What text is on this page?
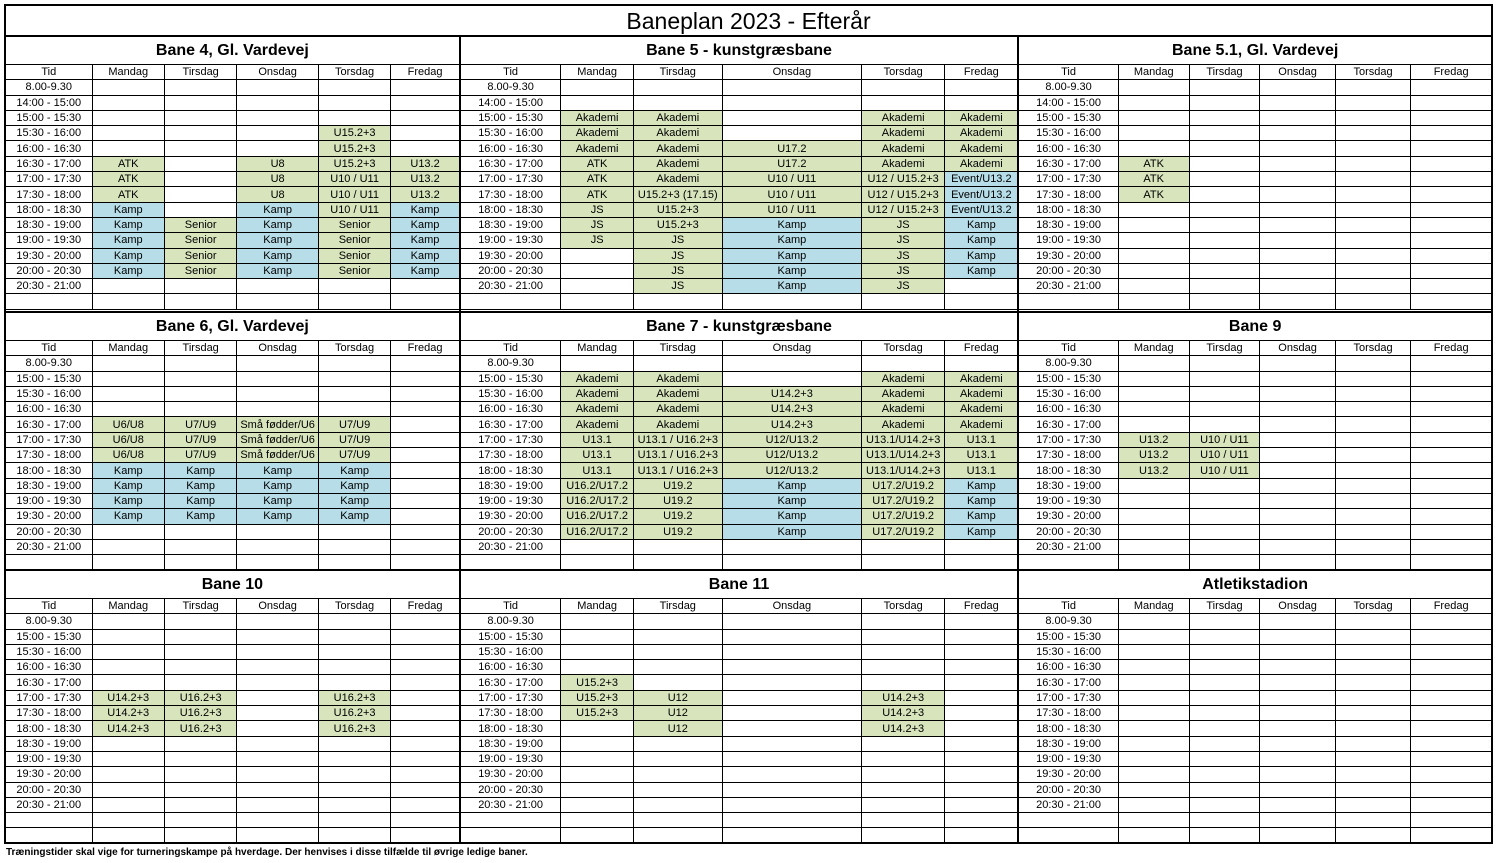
Baneplan 2023 - Efterår
Bane 4, Gl. Vardevej
Tid	Mandag	Tirsdag	Onsdag	Torsdag	Fredag
8.00-9.30					
14:00 - 15:00					
15:00 - 15:30					
15:30 - 16:00				U15.2+3	
16:00 - 16:30				U15.2+3	
16:30 - 17:00	ATK		U8	U15.2+3	U13.2
17:00 - 17:30	ATK		U8	U10 / U11	U13.2
17:30 - 18:00	ATK		U8	U10 / U11	U13.2
18:00 - 18:30	Kamp		Kamp	U10 / U11	Kamp
18:30 - 19:00	Kamp	Senior	Kamp	Senior	Kamp
19:00 - 19:30	Kamp	Senior	Kamp	Senior	Kamp
19:30 - 20:00	Kamp	Senior	Kamp	Senior	Kamp
20:00 - 20:30	Kamp	Senior	Kamp	Senior	Kamp
20:30 - 21:00					

Bane 5 - kunstgræsbane
Tid	Mandag	Tirsdag	Onsdag	Torsdag	Fredag
8.00-9.30					
14:00 - 15:00					
15:00 - 15:30	Akademi	Akademi		Akademi	Akademi
15:30 - 16:00	Akademi	Akademi		Akademi	Akademi
16:00 - 16:30	Akademi	Akademi	U17.2	Akademi	Akademi
16:30 - 17:00	ATK	Akademi	U17.2	Akademi	Akademi
17:00 - 17:30	ATK	Akademi	U10 / U11	U12 / U15.2+3	Event/U13.2
17:30 - 18:00	ATK	U15.2+3 (17.15)	U10 / U11	U12 / U15.2+3	Event/U13.2
18:00 - 18:30	JS	U15.2+3	U10 / U11	U12 / U15.2+3	Event/U13.2
18:30 - 19:00	JS	U15.2+3	Kamp	JS	Kamp
19:00 - 19:30	JS	JS	Kamp	JS	Kamp
19:30 - 20:00		JS	Kamp	JS	Kamp
20:00 - 20:30		JS	Kamp	JS	Kamp
20:30 - 21:00		JS	Kamp	JS	

Bane 5.1, Gl. Vardevej
Tid	Mandag	Tirsdag	Onsdag	Torsdag	Fredag
8.00-9.30					
14:00 - 15:00					
15:00 - 15:30					
15:30 - 16:00					
16:00 - 16:30					
16:30 - 17:00	ATK				
17:00 - 17:30	ATK				
17:30 - 18:00	ATK				
18:00 - 18:30					
18:30 - 19:00					
19:00 - 19:30					
19:30 - 20:00					
20:00 - 20:30					
20:30 - 21:00					

Bane 6, Gl. Vardevej
Tid	Mandag	Tirsdag	Onsdag	Torsdag	Fredag
8.00-9.30					
15:00 - 15:30					
15:30 - 16:00					
16:00 - 16:30					
16:30 - 17:00	U6/U8	U7/U9	Små fødder/U6	U7/U9	
17:00 - 17:30	U6/U8	U7/U9	Små fødder/U6	U7/U9	
17:30 - 18:00	U6/U8	U7/U9	Små fødder/U6	U7/U9	
18:00 - 18:30	Kamp	Kamp	Kamp	Kamp	
18:30 - 19:00	Kamp	Kamp	Kamp	Kamp	
19:00 - 19:30	Kamp	Kamp	Kamp	Kamp	
19:30 - 20:00	Kamp	Kamp	Kamp	Kamp	
20:00 - 20:30					
20:30 - 21:00					

Bane 7 - kunstgræsbane
Tid	Mandag	Tirsdag	Onsdag	Torsdag	Fredag
8.00-9.30					
15:00 - 15:30	Akademi	Akademi		Akademi	Akademi
15:30 - 16:00	Akademi	Akademi	U14.2+3	Akademi	Akademi
16:00 - 16:30	Akademi	Akademi	U14.2+3	Akademi	Akademi
16:30 - 17:00	Akademi	Akademi	U14.2+3	Akademi	Akademi
17:00 - 17:30	U13.1	U13.1 / U16.2+3	U12/U13.2	U13.1/U14.2+3	U13.1
17:30 - 18:00	U13.1	U13.1 / U16.2+3	U12/U13.2	U13.1/U14.2+3	U13.1
18:00 - 18:30	U13.1	U13.1 / U16.2+3	U12/U13.2	U13.1/U14.2+3	U13.1
18:30 - 19:00	U16.2/U17.2	U19.2	Kamp	U17.2/U19.2	Kamp
19:00 - 19:30	U16.2/U17.2	U19.2	Kamp	U17.2/U19.2	Kamp
19:30 - 20:00	U16.2/U17.2	U19.2	Kamp	U17.2/U19.2	Kamp
20:00 - 20:30	U16.2/U17.2	U19.2	Kamp	U17.2/U19.2	Kamp
20:30 - 21:00					

Bane 9
Tid	Mandag	Tirsdag	Onsdag	Torsdag	Fredag
8.00-9.30					
15:00 - 15:30					
15:30 - 16:00					
16:00 - 16:30					
16:30 - 17:00					
17:00 - 17:30	U13.2	U10 / U11			
17:30 - 18:00	U13.2	U10 / U11			
18:00 - 18:30	U13.2	U10 / U11			
18:30 - 19:00					
19:00 - 19:30					
19:30 - 20:00					
20:00 - 20:30					
20:30 - 21:00					

Bane 10
Tid	Mandag	Tirsdag	Onsdag	Torsdag	Fredag
8.00-9.30					
15:00 - 15:30					
15:30 - 16:00					
16:00 - 16:30					
16:30 - 17:00					
17:00 - 17:30	U14.2+3	U16.2+3		U16.2+3	
17:30 - 18:00	U14.2+3	U16.2+3		U16.2+3	
18:00 - 18:30	U14.2+3	U16.2+3		U16.2+3	
18:30 - 19:00					
19:00 - 19:30					
19:30 - 20:00					
20:00 - 20:30					
20:30 - 21:00					

Bane 11
Tid	Mandag	Tirsdag	Onsdag	Torsdag	Fredag
8.00-9.30					
15:00 - 15:30					
15:30 - 16:00					
16:00 - 16:30					
16:30 - 17:00	U15.2+3				
17:00 - 17:30	U15.2+3	U12		U14.2+3	
17:30 - 18:00	U15.2+3	U12		U14.2+3	
18:00 - 18:30		U12		U14.2+3	
18:30 - 19:00					
19:00 - 19:30					
19:30 - 20:00					
20:00 - 20:30					
20:30 - 21:00					

Atletikstadion
Tid	Mandag	Tirsdag	Onsdag	Torsdag	Fredag
8.00-9.30					
15:00 - 15:30					
15:30 - 16:00					
16:00 - 16:30					
16:30 - 17:00					
17:00 - 17:30					
17:30 - 18:00					
18:00 - 18:30					
18:30 - 19:00					
19:00 - 19:30					
19:30 - 20:00					
20:00 - 20:30					
20:30 - 21:00					

Træningstider skal vige for turneringskampe på hverdage. Der henvises i disse tilfælde til øvrige ledige baner.
